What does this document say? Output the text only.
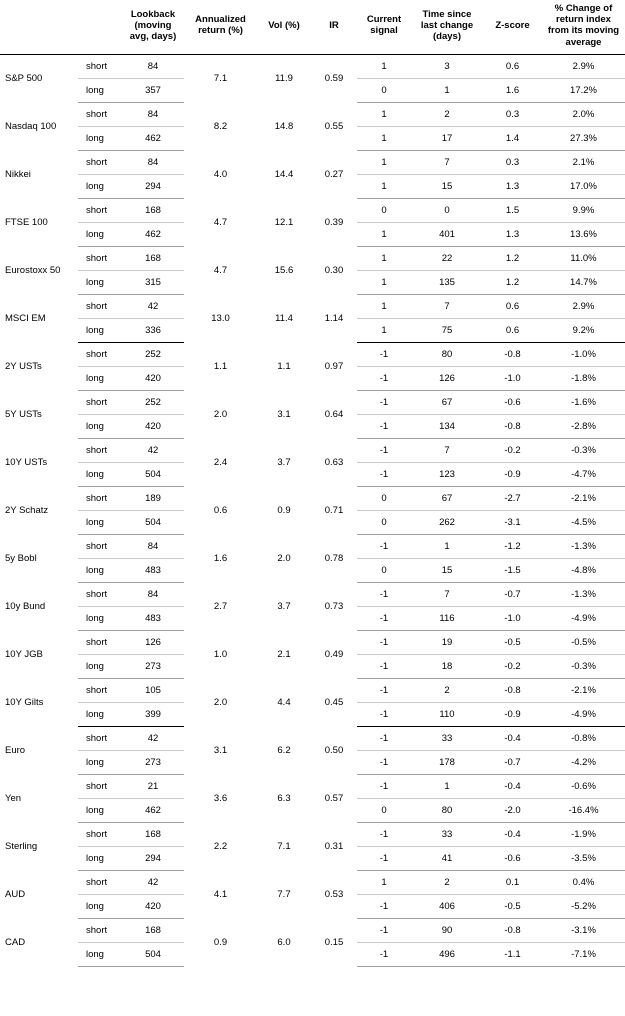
		Lookback (moving avg, days)	Annualized return (%)	Vol (%)	IR	Current signal	Time since last change (days)	Z-score	% Change of return index from its moving average
S&P 500	short	84	7.1	11.9	0.59	1	3	0.6	2.9%
	long	357				0	1	1.6	17.2%
Nasdaq 100	short	84	8.2	14.8	0.55	1	2	0.3	2.0%
	long	462				1	17	1.4	27.3%
Nikkei	short	84	4.0	14.4	0.27	1	7	0.3	2.1%
	long	294				1	15	1.3	17.0%
FTSE 100	short	168	4.7	12.1	0.39	0	0	1.5	9.9%
	long	462				1	401	1.3	13.6%
Eurostoxx 50	short	168	4.7	15.6	0.30	1	22	1.2	11.0%
	long	315				1	135	1.2	14.7%
MSCI EM	short	42	13.0	11.4	1.14	1	7	0.6	2.9%
	long	336				1	75	0.6	9.2%
2Y USTs	short	252	1.1	1.1	0.97	-1	80	-0.8	-1.0%
	long	420				-1	126	-1.0	-1.8%
5Y USTs	short	252	2.0	3.1	0.64	-1	67	-0.6	-1.6%
	long	420				-1	134	-0.8	-2.8%
10Y USTs	short	42	2.4	3.7	0.63	-1	7	-0.2	-0.3%
	long	504				-1	123	-0.9	-4.7%
2Y Schatz	short	189	0.6	0.9	0.71	0	67	-2.7	-2.1%
	long	504				0	262	-3.1	-4.5%
5y Bobl	short	84	1.6	2.0	0.78	-1	1	-1.2	-1.3%
	long	483				0	15	-1.5	-4.8%
10y Bund	short	84	2.7	3.7	0.73	-1	7	-0.7	-1.3%
	long	483				-1	116	-1.0	-4.9%
10Y JGB	short	126	1.0	2.1	0.49	-1	19	-0.5	-0.5%
	long	273				-1	18	-0.2	-0.3%
10Y Gilts	short	105	2.0	4.4	0.45	-1	2	-0.8	-2.1%
	long	399				-1	110	-0.9	-4.9%
Euro	short	42	3.1	6.2	0.50	-1	33	-0.4	-0.8%
	long	273				-1	178	-0.7	-4.2%
Yen	short	21	3.6	6.3	0.57	-1	1	-0.4	-0.6%
	long	462				0	80	-2.0	-16.4%
Sterling	short	168	2.2	7.1	0.31	-1	33	-0.4	-1.9%
	long	294				-1	41	-0.6	-3.5%
AUD	short	42	4.1	7.7	0.53	1	2	0.1	0.4%
	long	420				-1	406	-0.5	-5.2%
CAD	short	168	0.9	6.0	0.15	-1	90	-0.8	-3.1%
	long	504				-1	496	-1.1	-7.1%
